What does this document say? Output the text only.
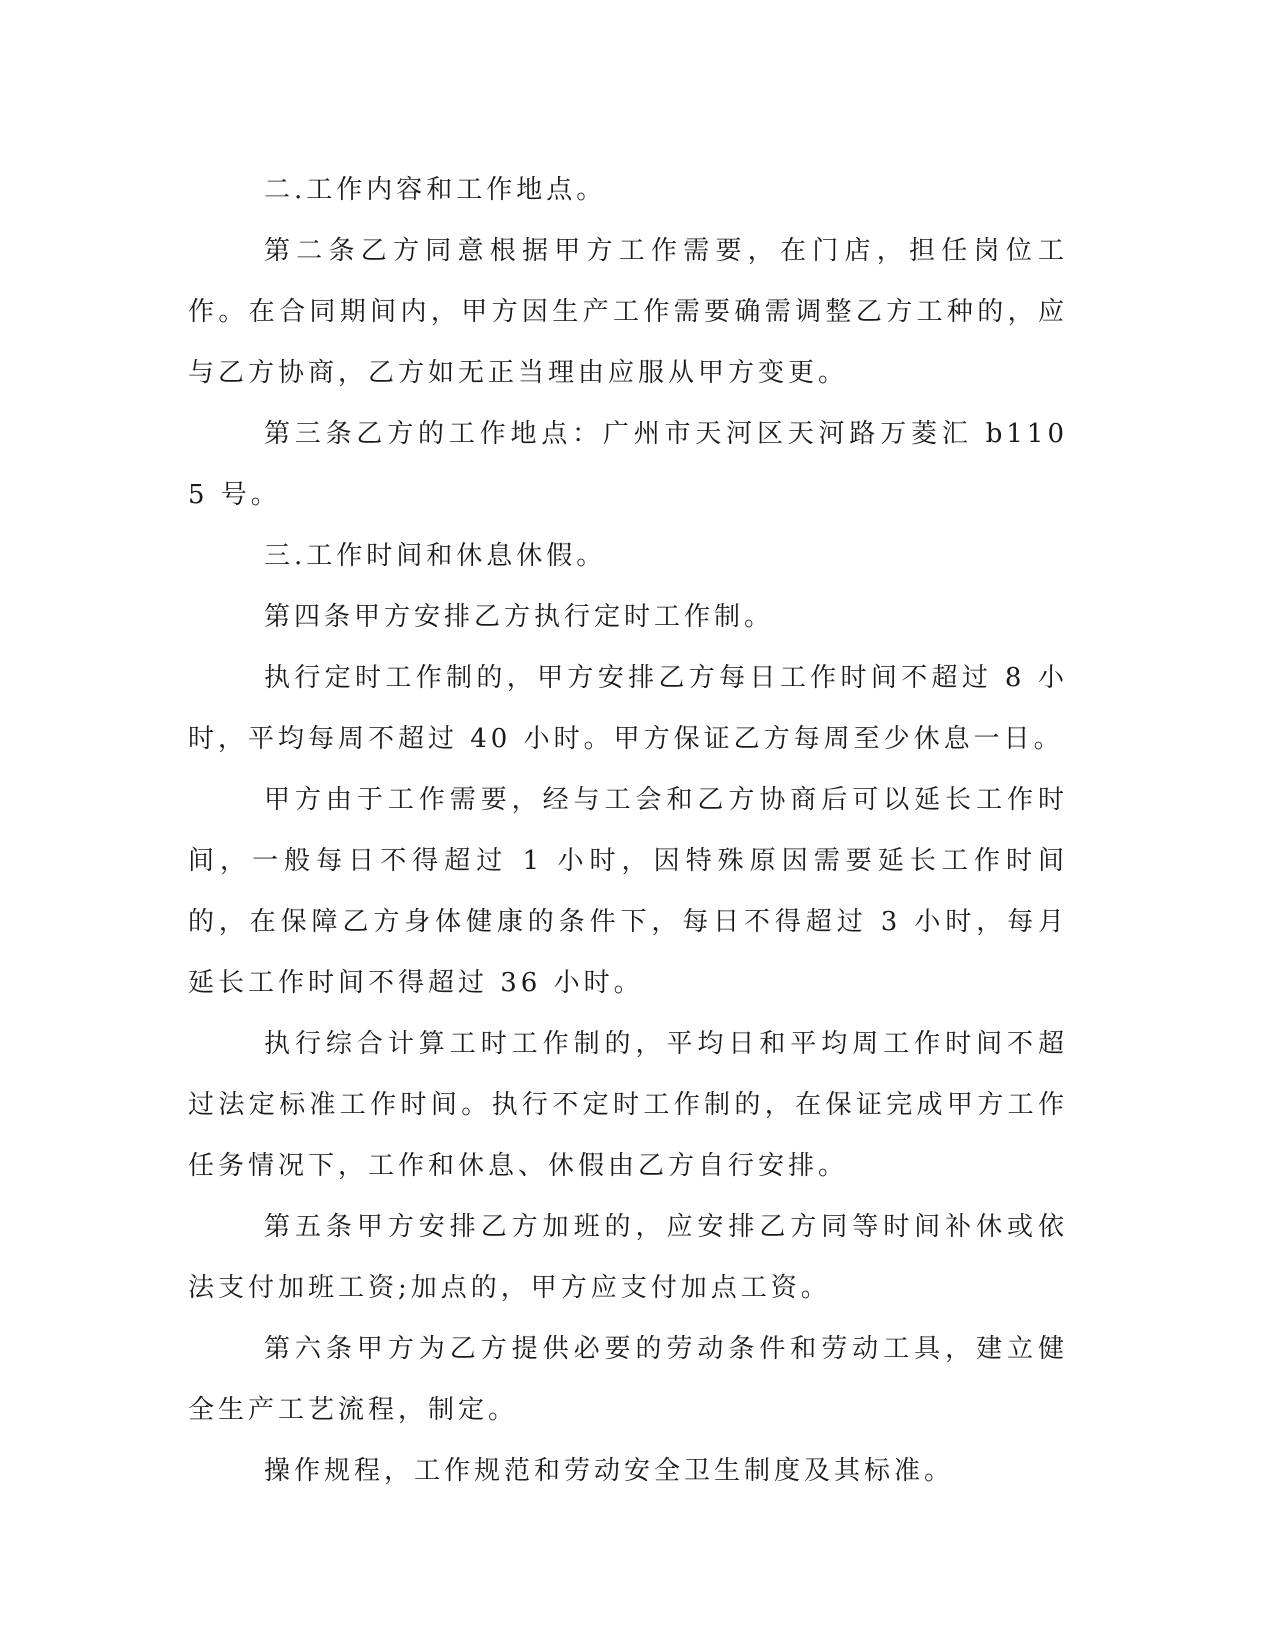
二.工作内容和工作地点。

第二条乙方同意根据甲方工作需要，在门店，担任岗位工作。在合同期间内，甲方因生产工作需要确需调整乙方工种的，应与乙方协商，乙方如无正当理由应服从甲方变更。

第三条乙方的工作地点：广州市天河区天河路万菱汇 b1105 号。

三.工作时间和休息休假。

第四条甲方安排乙方执行定时工作制。

执行定时工作制的，甲方安排乙方每日工作时间不超过 8 小时，平均每周不超过 40 小时。甲方保证乙方每周至少休息一日。

甲方由于工作需要，经与工会和乙方协商后可以延长工作时间，一般每日不得超过 1 小时，因特殊原因需要延长工作时间的，在保障乙方身体健康的条件下，每日不得超过 3 小时，每月延长工作时间不得超过 36 小时。

执行综合计算工时工作制的，平均日和平均周工作时间不超过法定标准工作时间。执行不定时工作制的，在保证完成甲方工作任务情况下，工作和休息、休假由乙方自行安排。

第五条甲方安排乙方加班的，应安排乙方同等时间补休或依法支付加班工资;加点的，甲方应支付加点工资。

第六条甲方为乙方提供必要的劳动条件和劳动工具，建立健全生产工艺流程，制定。

操作规程，工作规范和劳动安全卫生制度及其标准。
